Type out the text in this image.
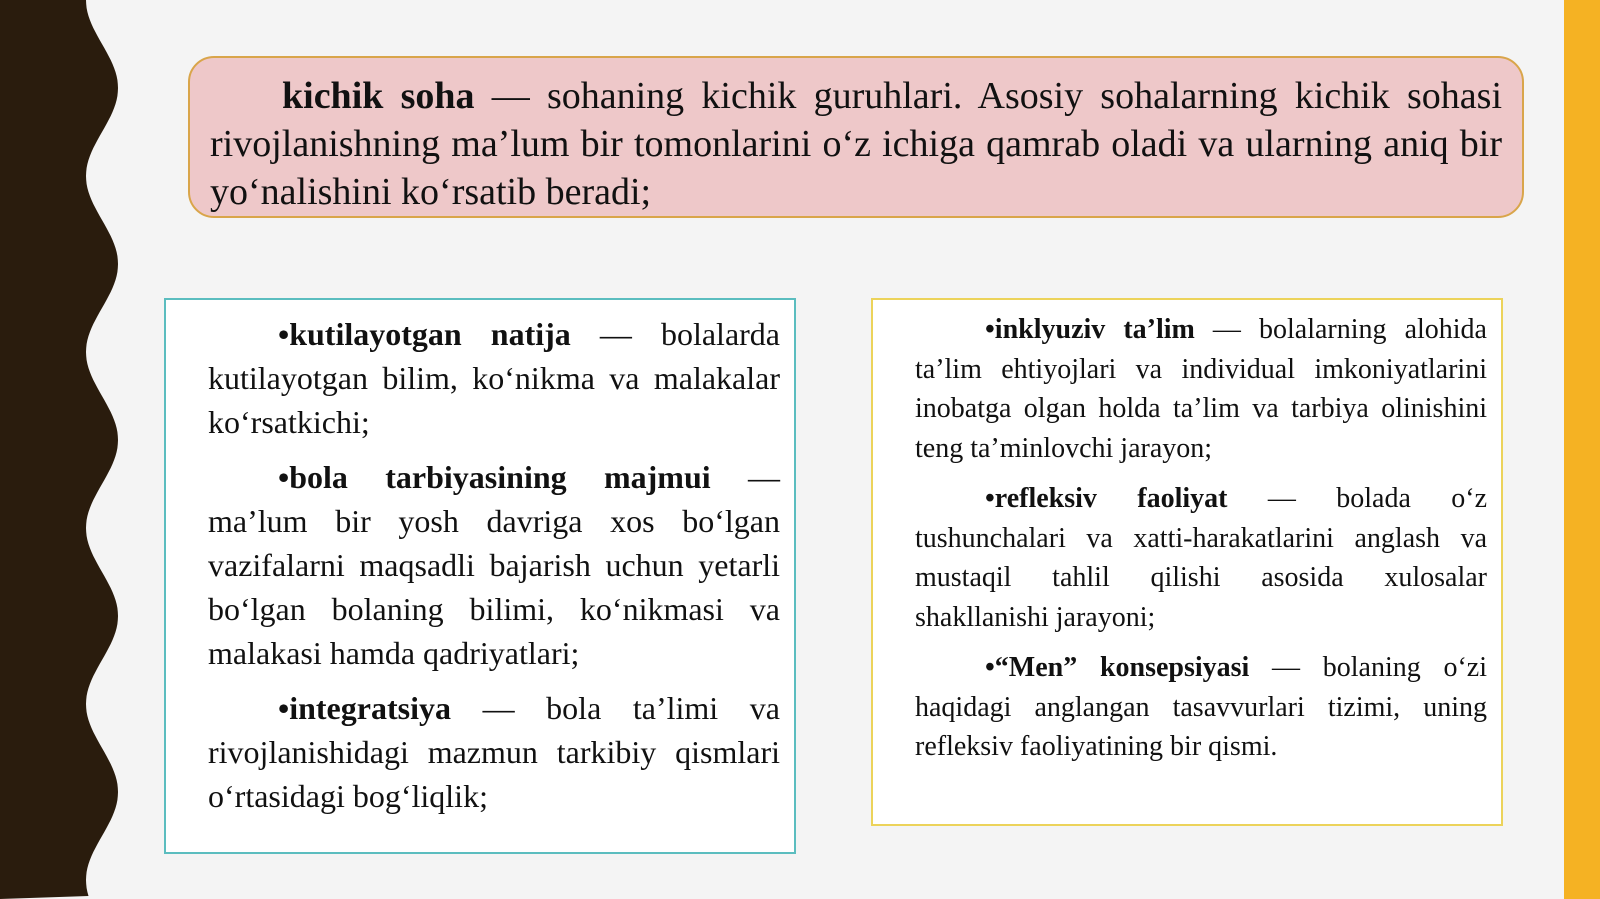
kichik soha — sohaning kichik guruhlari. Asosiy sohalarning kichik sohasi rivojlanishning ma’lum bir tomonlarini o‘z ichiga qamrab oladi va ularning aniq bir yo‘nalishini ko‘rsatib beradi;

•kutilayotgan natija — bolalarda kutilayotgan bilim, ko‘nikma va malakalar ko‘rsatkichi;

•bola tarbiyasining majmui — ma’lum bir yosh davriga xos bo‘lgan vazifalarni maqsadli bajarish uchun yetarli bo‘lgan bolaning bilimi, ko‘nikmasi va malakasi hamda qadriyatlari;

•integratsiya — bola ta’limi va rivojlanishidagi mazmun tarkibiy qismlari o‘rtasidagi bog‘liqlik;

•inklyuziv ta’lim — bolalarning alohida ta’lim ehtiyojlari va individual imkoniyatlarini inobatga olgan holda ta’lim va tarbiya olinishini teng ta’minlovchi jarayon;

•refleksiv faoliyat — bolada o‘z tushunchalari va xatti-harakatlarini anglash va mustaqil tahlil qilishi asosida xulosalar shakllanishi jarayoni;

•“Men” konsepsiyasi — bolaning o‘zi haqidagi anglangan tasavvurlari tizimi, uning refleksiv faoliyatining bir qismi.
